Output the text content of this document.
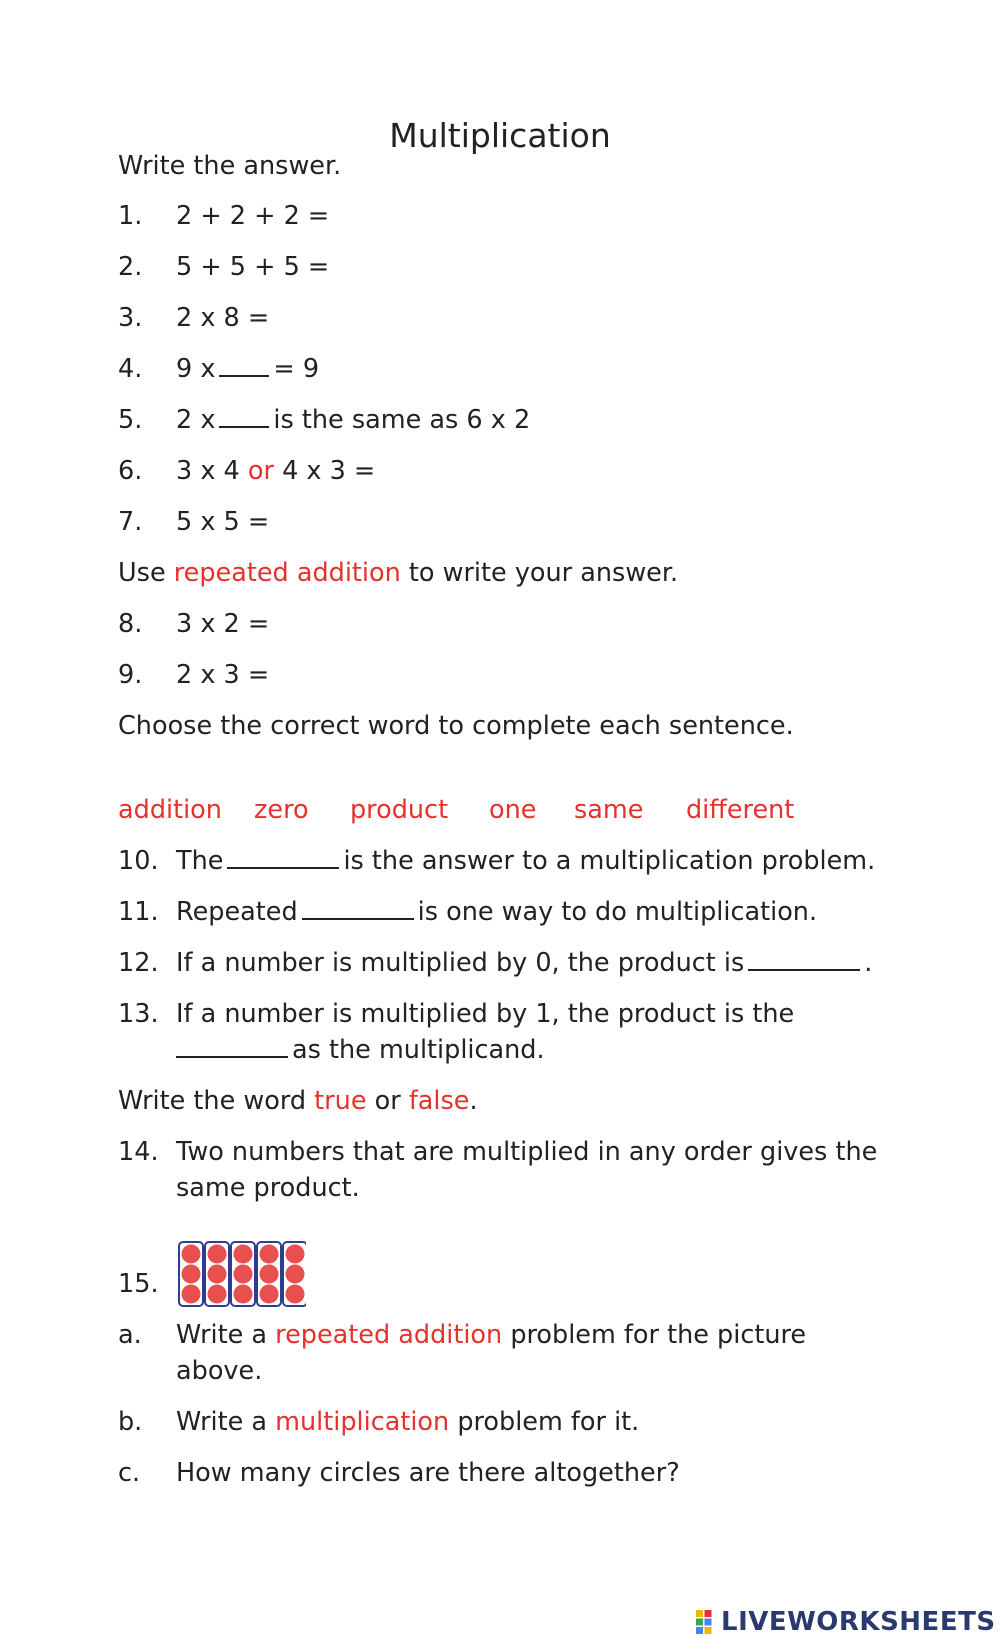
Multiplication
Write the answer.
1. 2 + 2 + 2 =
2. 5 + 5 + 5 =
3. 2 x 8 =
4. 9 x = 9
5. 2 x is the same as 6 x 2
6. 3 x 4 or 4 x 3 =
7. 5 x 5 =
Use repeated addition to write your answer.
8. 3 x 2 =
9. 2 x 3 =
Choose the correct word to complete each sentence.
addition zero product one same different
10. The	is the answer to a multiplication problem.
11. Repeated	is one way to do multiplication.
12. If a number is multiplied by 0, the product is	.
13. If a number is multiplied by 1, the product is the
as the multiplicand.
Write the word true or false.
14. Two numbers that are multiplied in any order gives the
same product.
15.
a. Write a repeated addition problem for the picture
above.
b. Write a multiplication problem for it.
c. How many circles are there altogether?
LIVEWORKSHEETS
